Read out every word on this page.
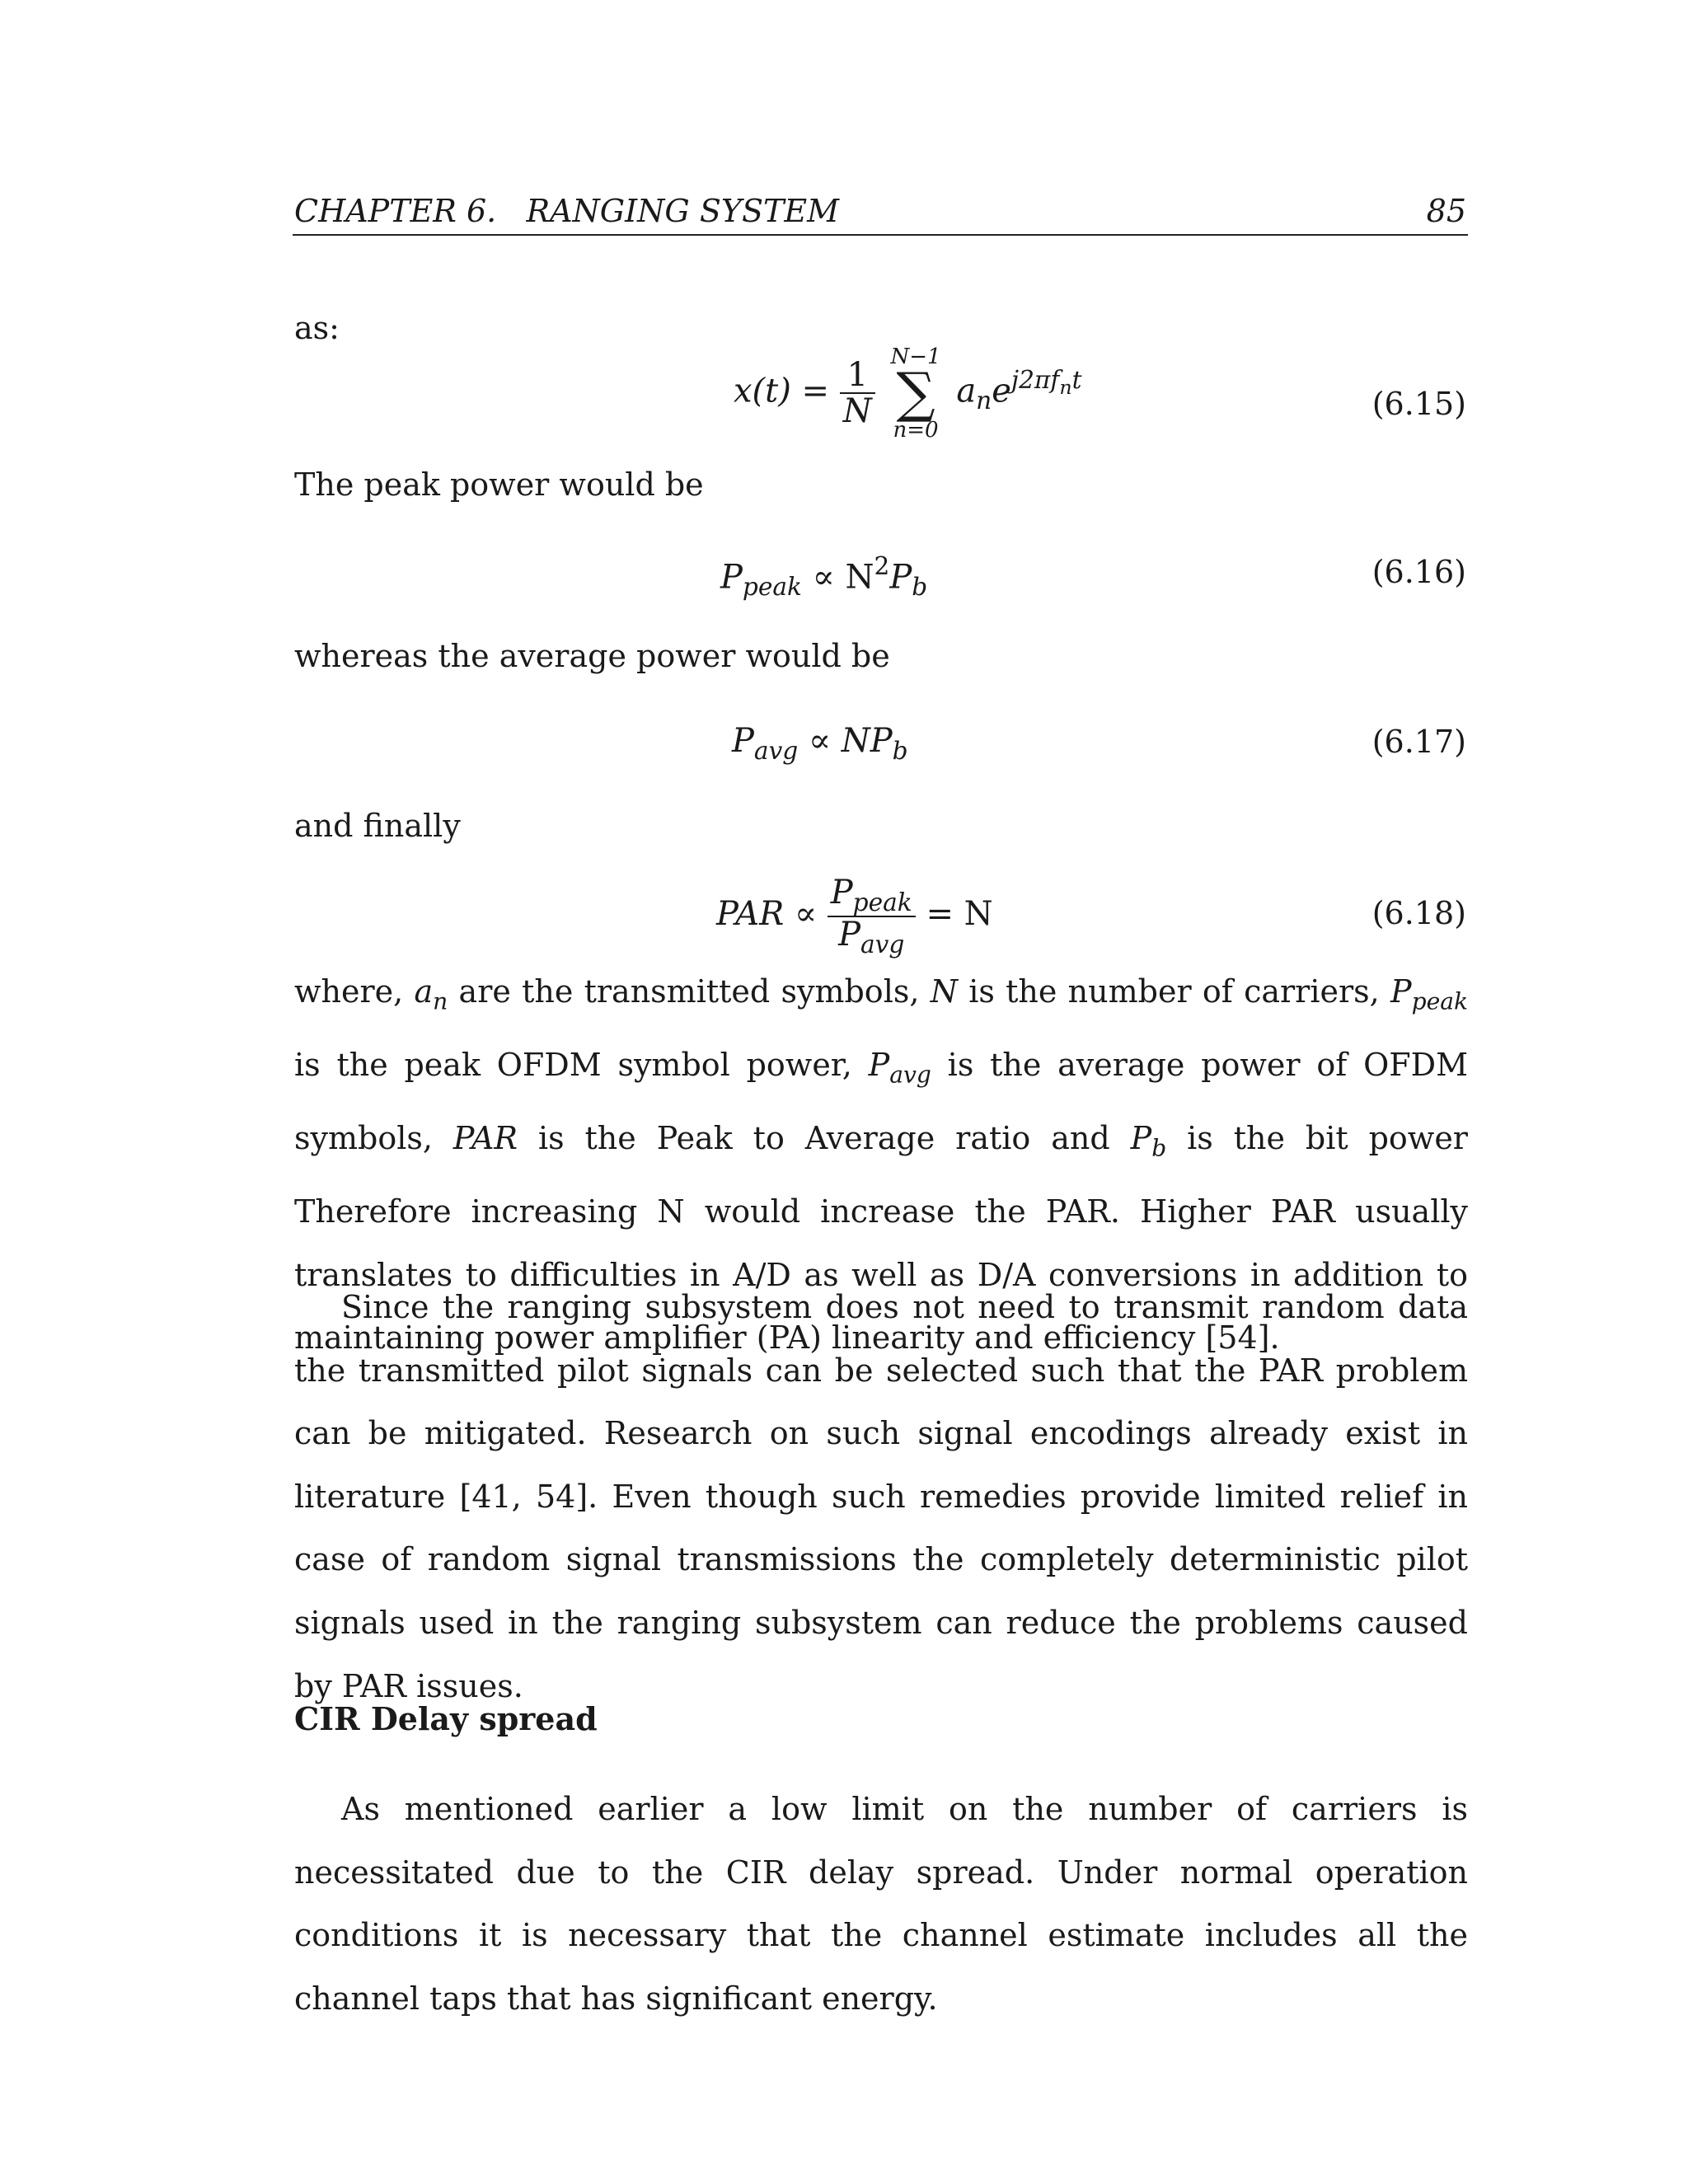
CHAPTER 6.   RANGING SYSTEM	85

as:

$x(t) = \frac{1}{N}$

N−1
∑
n=0
$a_ne^{j2\pi f_nt}$
(6.15)

The peak power would be

$P_{peak} \propto N^2P_b$	(6.16)

whereas the average power would be

$P_{avg} \propto NP_b$	(6.17)

and finally

PAR ∝ $\frac{P_{peak}}{P_{avg}} = N$	(6.18)

where, $a_n$ are the transmitted symbols, N is the number of carriers, $P_{peak}$ is the peak OFDM symbol power, $P_{avg}$ is the average power of OFDM symbols, PAR is the Peak to Average ratio and $P_b$ is the bit power Therefore increasing N would increase the PAR. Higher PAR usually translates to difficulties in A/D as well as D/A conversions in addition to maintaining power amplifier (PA) linearity and efficiency [54].

Since the ranging subsystem does not need to transmit random data the transmitted pilot signals can be selected such that the PAR problem can be mitigated. Research on such signal encodings already exist in literature [41, 54]. Even though such remedies provide limited relief in case of random signal transmissions the completely deterministic pilot signals used in the ranging subsystem can reduce the problems caused by PAR issues.

CIR Delay spread

As mentioned earlier a low limit on the number of carriers is necessitated due to the CIR delay spread. Under normal operation conditions it is necessary that the channel estimate includes all the channel taps that has significant energy.
